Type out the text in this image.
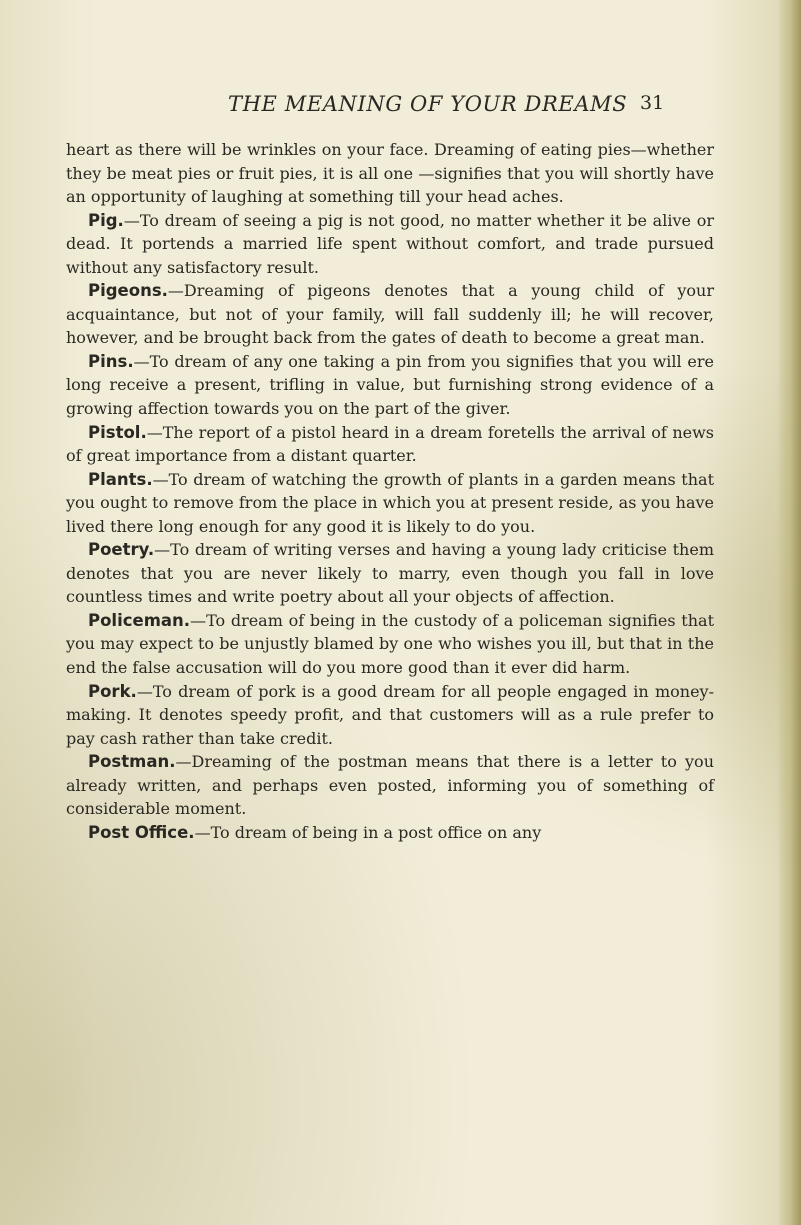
THE MEANING OF YOUR DREAMS 31

heart as there will be wrinkles on your face. Dreaming of eating pies—whether they be meat pies or fruit pies, it is all one —signifies that you will shortly have an opportunity of laughing at something till your head aches.

Pig.—To dream of seeing a pig is not good, no matter whether it be alive or dead. It portends a married life spent without comfort, and trade pursued without any satisfactory result.

Pigeons.—Dreaming of pigeons denotes that a young child of your acquaintance, but not of your family, will fall suddenly ill; he will recover, however, and be brought back from the gates of death to become a great man.

Pins.—To dream of any one taking a pin from you signifies that you will ere long receive a present, trifling in value, but furnishing strong evidence of a growing affection towards you on the part of the giver.

Pistol.—The report of a pistol heard in a dream foretells the arrival of news of great importance from a distant quarter.

Plants.—To dream of watching the growth of plants in a garden means that you ought to remove from the place in which you at present reside, as you have lived there long enough for any good it is likely to do you.

Poetry.—To dream of writing verses and having a young lady criticise them denotes that you are never likely to marry, even though you fall in love countless times and write poetry about all your objects of affection.

Policeman.—To dream of being in the custody of a policeman signifies that you may expect to be unjustly blamed by one who wishes you ill, but that in the end the false accusation will do you more good than it ever did harm.

Pork.—To dream of pork is a good dream for all people engaged in money-making. It denotes speedy profit, and that customers will as a rule prefer to pay cash rather than take credit.

Postman.—Dreaming of the postman means that there is a letter to you already written, and perhaps even posted, informing you of something of considerable moment.

Post Office.—To dream of being in a post office on any
